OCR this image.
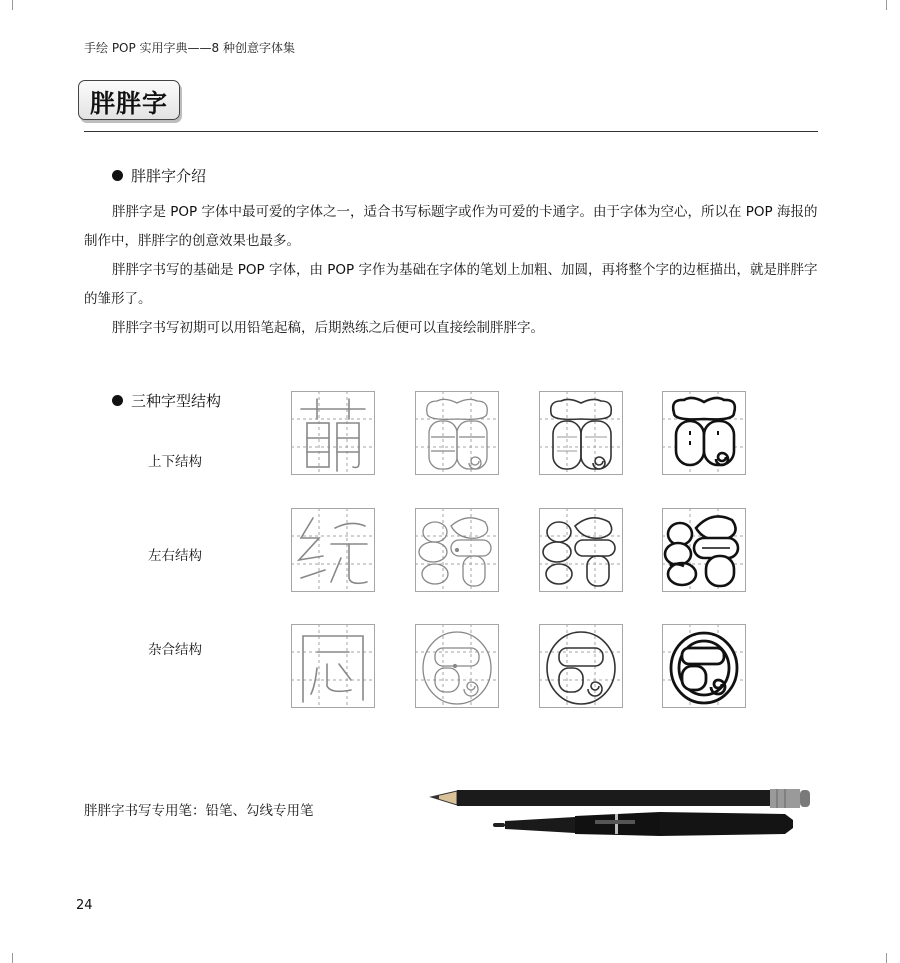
手绘 POP 实用字典——8 种创意字体集
胖胖字
胖胖字介绍

胖胖字是 POP 字体中最可爱的字体之一，适合书写标题字或作为可爱的卡通字。由于字体为空心，所以在 POP 海报的制作中，胖胖字的创意效果也最多。

胖胖字书写的基础是 POP 字体，由 POP 字作为基础在字体的笔划上加粗、加圆，再将整个字的边框描出，就是胖胖字的雏形了。

胖胖字书写初期可以用铅笔起稿，后期熟练之后便可以直接绘制胖胖字。

三种字型结构
上下结构
左右结构
杂合结构
胖胖字书写专用笔：铅笔、勾线专用笔
24
